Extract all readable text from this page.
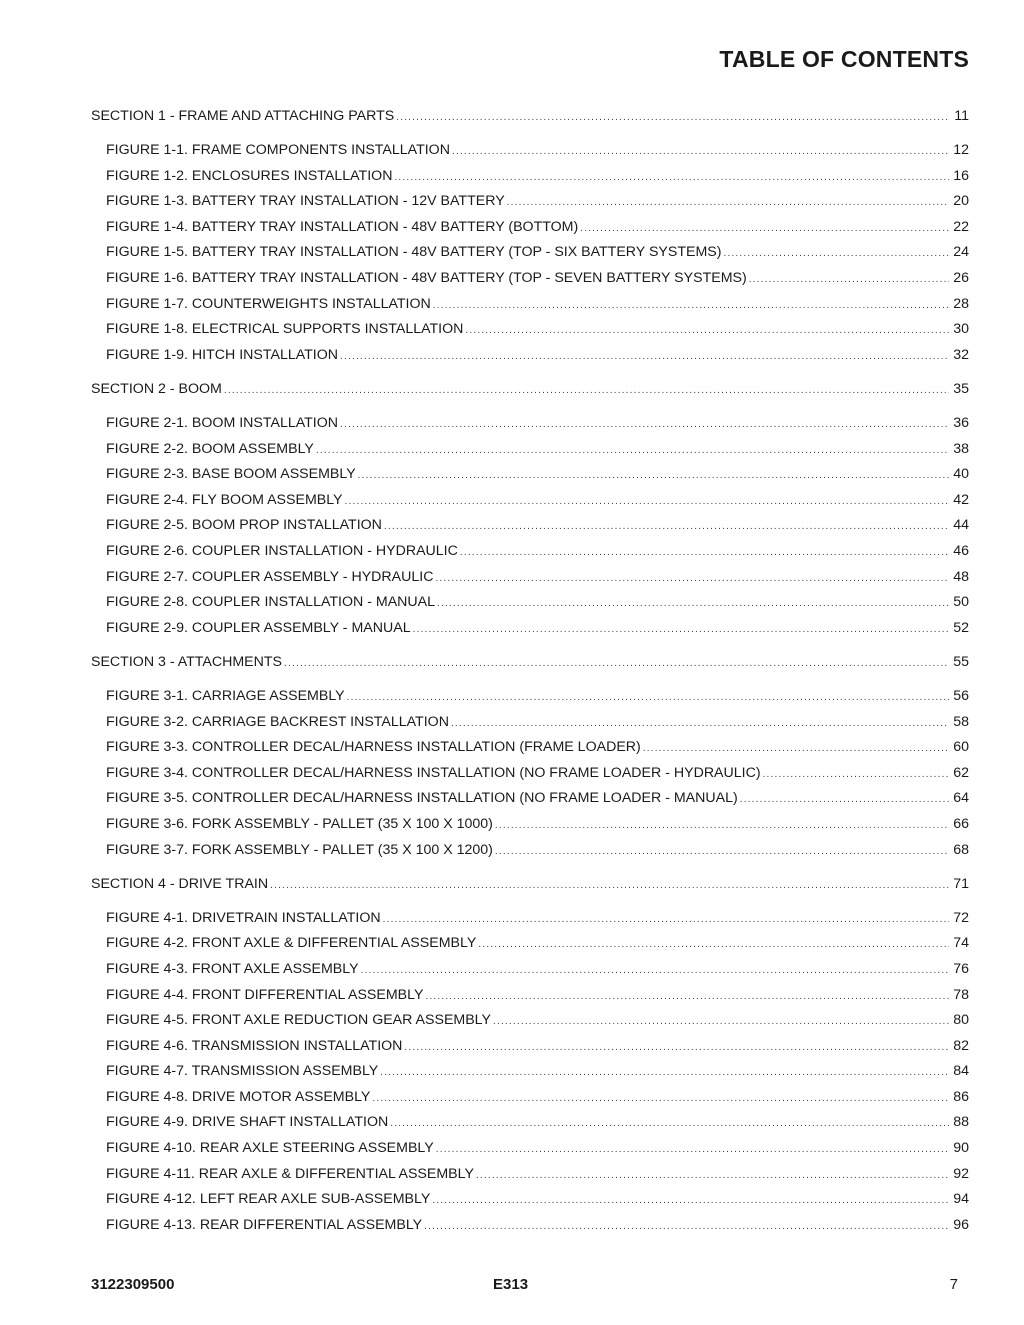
TABLE OF CONTENTS
SECTION 1 - FRAME AND ATTACHING PARTS .....	11
FIGURE 1-1. FRAME COMPONENTS INSTALLATION .....	12
FIGURE 1-2. ENCLOSURES INSTALLATION .....	16
FIGURE 1-3. BATTERY TRAY INSTALLATION - 12V BATTERY .....	20
FIGURE 1-4. BATTERY TRAY INSTALLATION - 48V BATTERY (BOTTOM) .....	22
FIGURE 1-5. BATTERY TRAY INSTALLATION - 48V BATTERY (TOP - SIX BATTERY SYSTEMS) .....	24
FIGURE 1-6. BATTERY TRAY INSTALLATION - 48V BATTERY (TOP - SEVEN BATTERY SYSTEMS) .....	26
FIGURE 1-7. COUNTERWEIGHTS INSTALLATION .....	28
FIGURE 1-8. ELECTRICAL SUPPORTS INSTALLATION .....	30
FIGURE 1-9. HITCH INSTALLATION .....	32
SECTION 2 - BOOM .....	35
FIGURE 2-1. BOOM INSTALLATION .....	36
FIGURE 2-2. BOOM ASSEMBLY .....	38
FIGURE 2-3. BASE BOOM ASSEMBLY .....	40
FIGURE 2-4. FLY BOOM ASSEMBLY .....	42
FIGURE 2-5. BOOM PROP INSTALLATION .....	44
FIGURE 2-6. COUPLER INSTALLATION - HYDRAULIC .....	46
FIGURE 2-7. COUPLER ASSEMBLY - HYDRAULIC .....	48
FIGURE 2-8. COUPLER INSTALLATION - MANUAL .....	50
FIGURE 2-9. COUPLER ASSEMBLY - MANUAL .....	52
SECTION 3 - ATTACHMENTS .....	55
FIGURE 3-1. CARRIAGE ASSEMBLY .....	56
FIGURE 3-2. CARRIAGE BACKREST INSTALLATION .....	58
FIGURE 3-3. CONTROLLER DECAL/HARNESS INSTALLATION (FRAME LOADER) .....	60
FIGURE 3-4. CONTROLLER DECAL/HARNESS INSTALLATION (NO FRAME LOADER - HYDRAULIC) .....	62
FIGURE 3-5. CONTROLLER DECAL/HARNESS INSTALLATION (NO FRAME LOADER - MANUAL) .....	64
FIGURE 3-6. FORK ASSEMBLY - PALLET (35 X 100 X 1000) .....	66
FIGURE 3-7. FORK ASSEMBLY - PALLET (35 X 100 X 1200) .....	68
SECTION 4 - DRIVE TRAIN .....	71
FIGURE 4-1. DRIVETRAIN INSTALLATION .....	72
FIGURE 4-2. FRONT AXLE & DIFFERENTIAL ASSEMBLY .....	74
FIGURE 4-3. FRONT AXLE ASSEMBLY .....	76
FIGURE 4-4. FRONT DIFFERENTIAL ASSEMBLY .....	78
FIGURE 4-5. FRONT AXLE REDUCTION GEAR ASSEMBLY .....	80
FIGURE 4-6. TRANSMISSION INSTALLATION .....	82
FIGURE 4-7. TRANSMISSION ASSEMBLY .....	84
FIGURE 4-8. DRIVE MOTOR ASSEMBLY .....	86
FIGURE 4-9. DRIVE SHAFT INSTALLATION .....	88
FIGURE 4-10. REAR AXLE STEERING ASSEMBLY .....	90
FIGURE 4-11. REAR AXLE & DIFFERENTIAL ASSEMBLY .....	92
FIGURE 4-12. LEFT REAR AXLE SUB-ASSEMBLY .....	94
FIGURE 4-13. REAR DIFFERENTIAL ASSEMBLY .....	96
3122309500	E313	7
